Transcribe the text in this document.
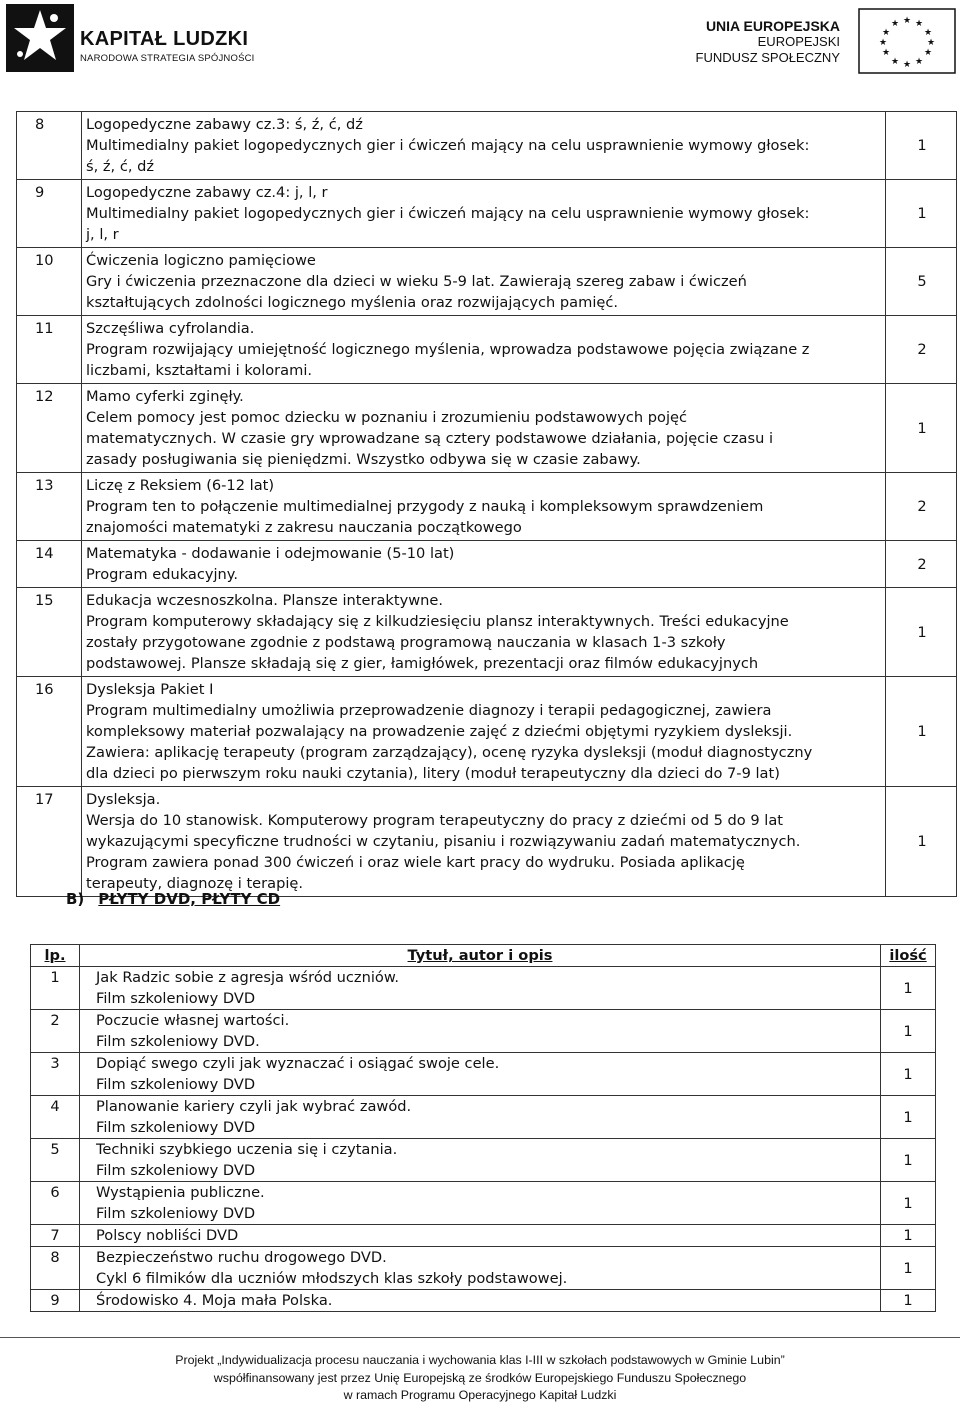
KAPITAŁ LUDZKI
NARODOWA STRATEGIA SPÓJNOŚCI
UNIA EUROPEJSKA
EUROPEJSKI
FUNDUSZ SPOŁECZNY
★ ★
★
★
★
★
★
★
★
★
★
★
8	Logopedyczne zabawy cz.3: ś, ź, ć, dź
Multimedialny pakiet logopedycznych gier i ćwiczeń mający na celu usprawnienie wymowy głosek:
ś, ź, ć, dź	1
9	Logopedyczne zabawy cz.4: j, l, r
Multimedialny pakiet logopedycznych gier i ćwiczeń mający na celu usprawnienie wymowy głosek:
j, l, r	1
10	Ćwiczenia logiczno pamięciowe
Gry i ćwiczenia przeznaczone dla dzieci w wieku 5-9 lat. Zawierają szereg zabaw i ćwiczeń
kształtujących zdolności logicznego myślenia oraz rozwijających pamięć.	5
11	Szczęśliwa cyfrolandia.
Program rozwijający umiejętność logicznego myślenia, wprowadza podstawowe pojęcia związane z
liczbami, kształtami i kolorami.	2
12	Mamo cyferki zginęły.
Celem pomocy jest pomoc dziecku w poznaniu i zrozumieniu podstawowych pojęć
matematycznych. W czasie gry wprowadzane są cztery podstawowe działania, pojęcie czasu i
zasady posługiwania się pieniędzmi. Wszystko odbywa się w czasie zabawy.	1
13	Liczę z Reksiem (6-12 lat)
Program ten to połączenie multimedialnej przygody z nauką i kompleksowym sprawdzeniem
znajomości matematyki z zakresu nauczania początkowego	2
14	Matematyka - dodawanie i odejmowanie (5-10 lat)
Program edukacyjny.	2
15	Edukacja wczesnoszkolna. Plansze interaktywne.
Program komputerowy składający się z kilkudziesięciu plansz interaktywnych. Treści edukacyjne
zostały przygotowane zgodnie z podstawą programową nauczania w klasach 1-3 szkoły
podstawowej. Plansze składają się z gier, łamigłówek, prezentacji oraz filmów edukacyjnych	1
16	Dysleksja Pakiet I
Program multimedialny umożliwia przeprowadzenie diagnozy i terapii pedagogicznej, zawiera
kompleksowy materiał pozwalający na prowadzenie zajęć z dziećmi objętymi ryzykiem dysleksji.
Zawiera: aplikację terapeuty (program zarządzający), ocenę ryzyka dysleksji (moduł diagnostyczny
dla dzieci po pierwszym roku nauki czytania), litery (moduł terapeutyczny dla dzieci do 7-9 lat)	1
17	Dysleksja.
Wersja do 10 stanowisk. Komputerowy program terapeutyczny do pracy z dziećmi od 5 do 9 lat
wykazującymi specyficzne trudności w czytaniu, pisaniu i rozwiązywaniu zadań matematycznych.
Program zawiera ponad 300 ćwiczeń i oraz wiele kart pracy do wydruku. Posiada aplikację
terapeuty, diagnozę i terapię.	1
B) PŁYTY DVD, PŁYTY CD
lp.	Tytuł, autor i opis	ilość
1	Jak Radzic sobie z agresja wśród uczniów.
Film szkoleniowy DVD	1
2	Poczucie własnej wartości.
Film szkoleniowy DVD.	1
3	Dopiąć swego czyli jak wyznaczać i osiągać swoje cele.
Film szkoleniowy DVD	1
4	Planowanie kariery czyli jak wybrać zawód.
Film szkoleniowy DVD	1
5	Techniki szybkiego uczenia się i czytania.
Film szkoleniowy DVD	1
6	Wystąpienia publiczne.
Film szkoleniowy DVD	1
7	Polscy nobliści DVD	1
8	Bezpieczeństwo ruchu drogowego DVD.
Cykl 6 filmików dla uczniów młodszych klas szkoły podstawowej.	1
9	Środowisko 4. Moja mała Polska.	1
Projekt „Indywidualizacja procesu nauczania i wychowania klas I-III w szkołach podstawowych w Gminie Lubin”
współfinansowany jest przez Unię Europejską ze środków Europejskiego Funduszu Społecznego
w ramach Programu Operacyjnego Kapitał Ludzki
